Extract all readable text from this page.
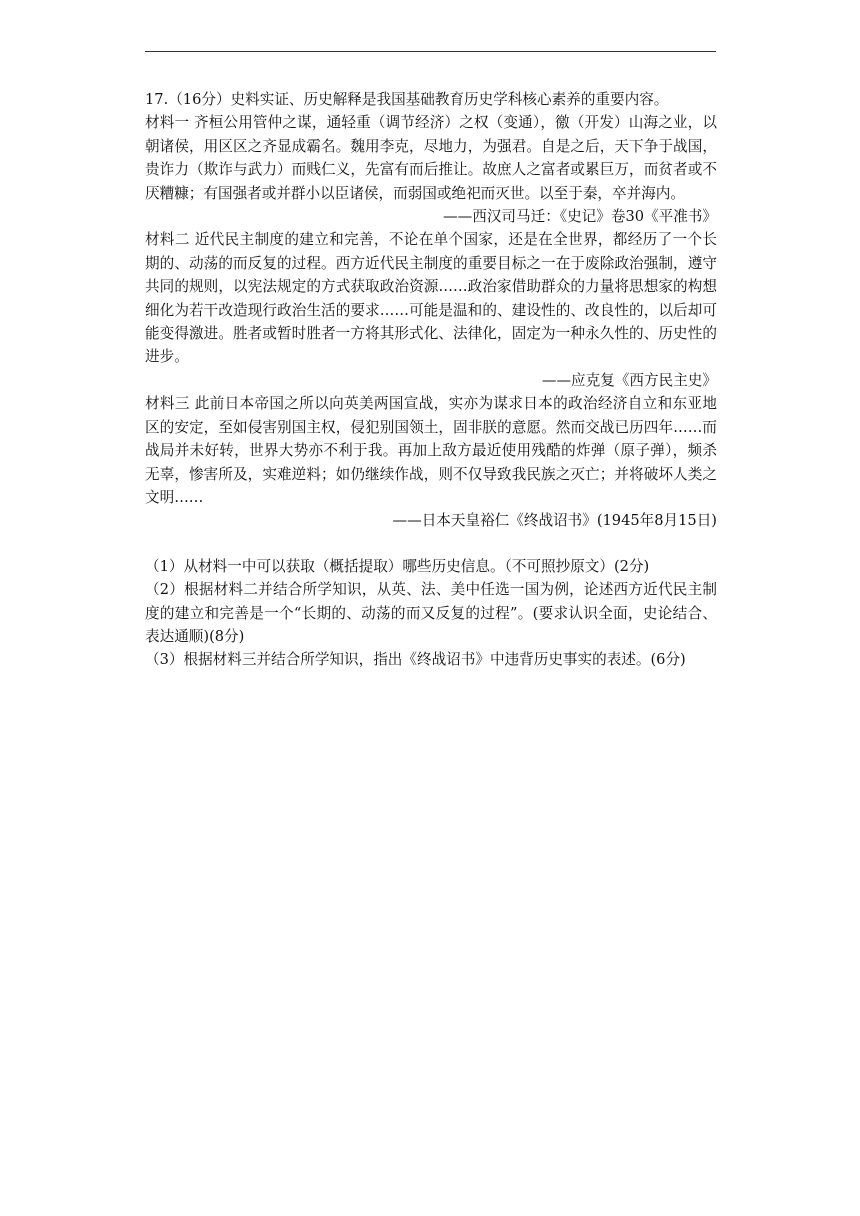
17.（16分）史料实证、历史解释是我国基础教育历史学科核心素养的重要内容。

材料一 齐桓公用管仲之谋，通轻重（调节经济）之权（变通），徼（开发）山海之业，以朝诸侯，用区区之齐显成霸名。魏用李克，尽地力，为强君。自是之后，天下争于战国，贵诈力（欺诈与武力）而贱仁义，先富有而后推让。故庶人之富者或累巨万，而贫者或不厌糟糠；有国强者或并群小以臣诸侯，而弱国或绝祀而灭世。以至于秦，卒并海内。

——西汉司马迁：《史记》卷30《平准书》

材料二 近代民主制度的建立和完善，不论在单个国家，还是在全世界，都经历了一个长期的、动荡的而反复的过程。西方近代民主制度的重要目标之一在于废除政治强制，遵守共同的规则，以宪法规定的方式获取政治资源……政治家借助群众的力量将思想家的构想细化为若干改造现行政治生活的要求……可能是温和的、建设性的、改良性的，以后却可能变得激进。胜者或暂时胜者一方将其形式化、法律化，固定为一种永久性的、历史性的进步。

——应克复《西方民主史》

材料三 此前日本帝国之所以向英美两国宣战，实亦为谋求日本的政治经济自立和东亚地区的安定，至如侵害别国主权，侵犯别国领土，固非朕的意愿。然而交战已历四年……而战局并未好转，世界大势亦不利于我。再加上敌方最近使用残酷的炸弹（原子弹），频杀无辜，惨害所及，实难逆料；如仍继续作战，则不仅导致我民族之灭亡；并将破坏人类之文明……

——日本天皇裕仁《终战诏书》(1945年8月15日)

（1）从材料一中可以获取（概括提取）哪些历史信息。（不可照抄原文）(2分)

（2）根据材料二并结合所学知识，从英、法、美中任选一国为例，论述西方近代民主制度的建立和完善是一个“长期的、动荡的而又反复的过程”。(要求认识全面，史论结合、表达通顺)(8分)

（3）根据材料三并结合所学知识，指出《终战诏书》中违背历史事实的表述。(6分)
